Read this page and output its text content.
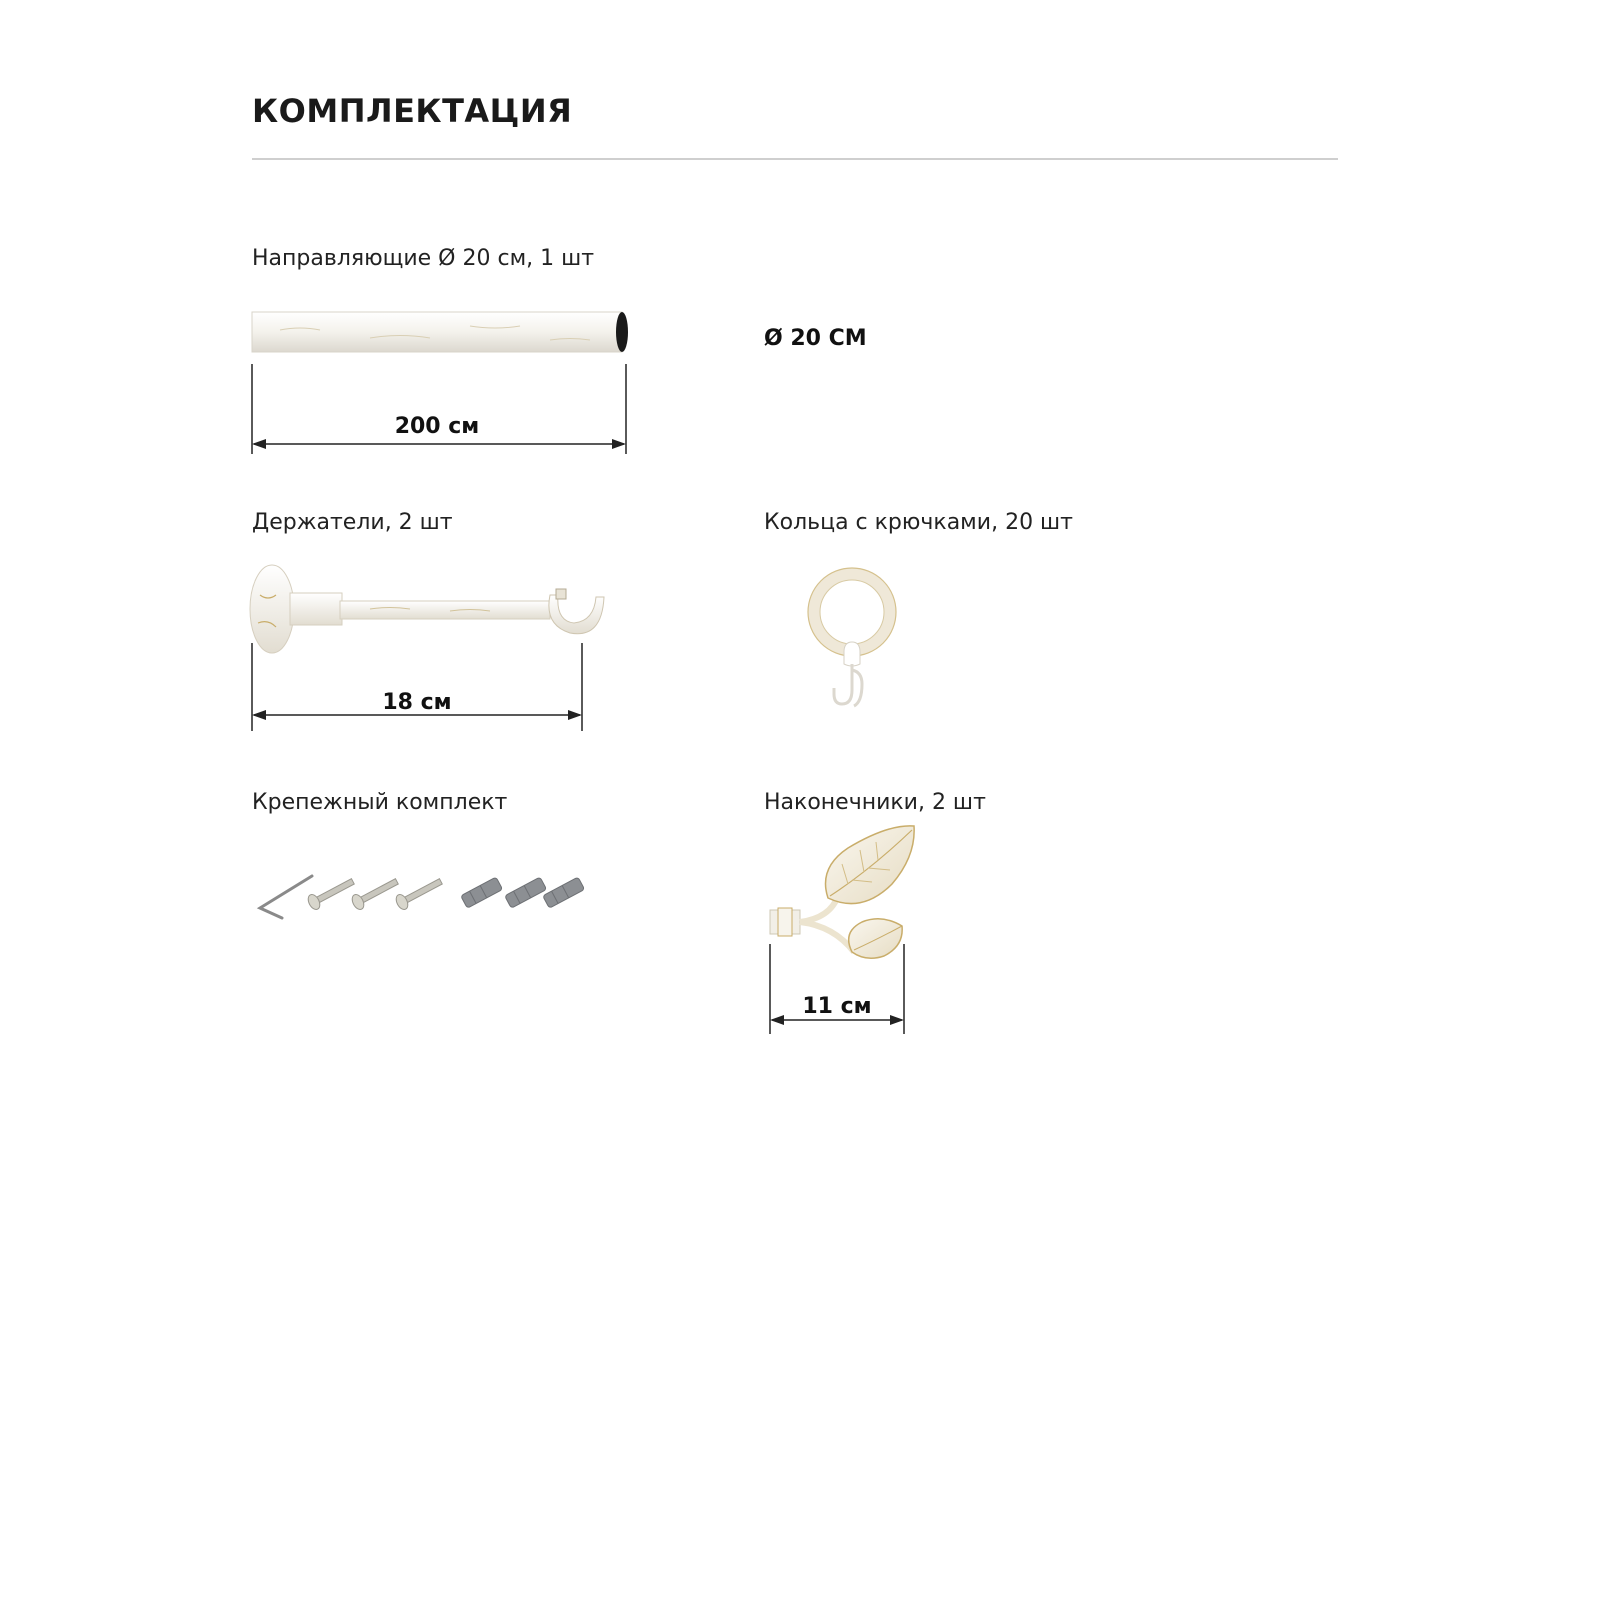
КОМПЛЕКТАЦИЯ
Направляющие Ø 20 см, 1 шт
200 см
Ø 20 СМ
Держатели, 2 шт
18 см
Кольца с крючками, 20 шт
Крепежный комплект	Наконечники, 2 шт
11 см
